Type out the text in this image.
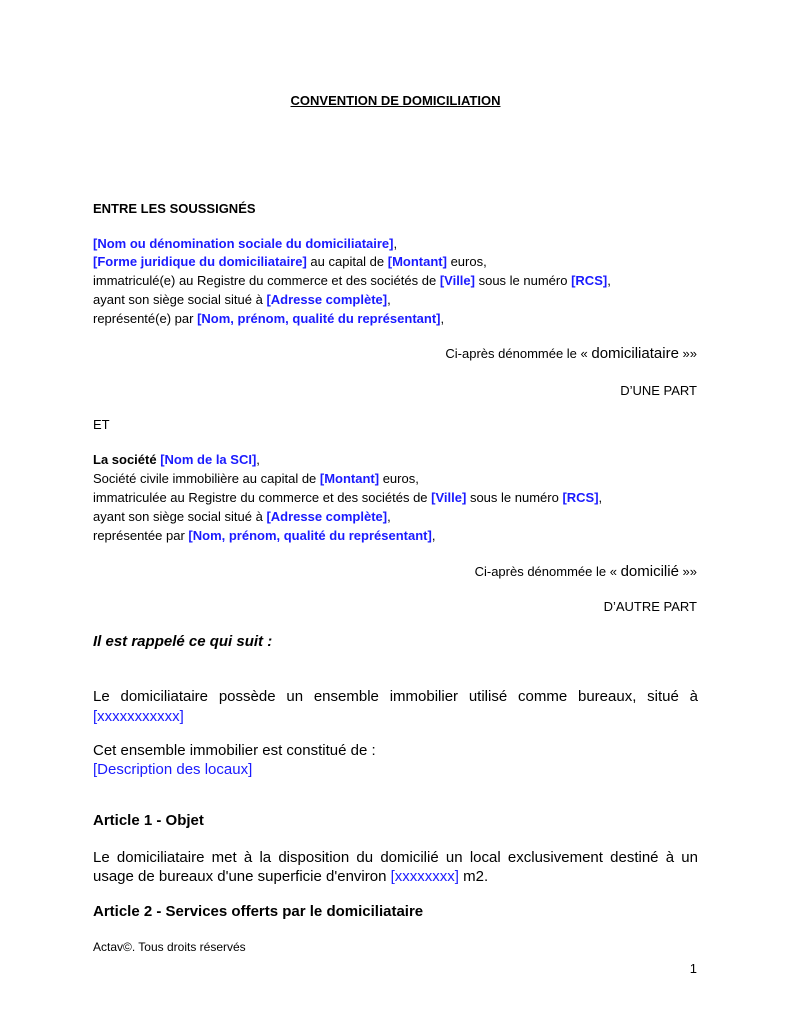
CONVENTION DE DOMICILIATION
ENTRE LES SOUSSIGNÉS
[Nom ou dénomination sociale du domiciliataire],
[Forme juridique du domiciliataire] au capital de [Montant] euros,
immatriculé(e) au Registre du commerce et des sociétés de [Ville] sous le numéro [RCS],
ayant son siège social situé à [Adresse complète],
représenté(e) par [Nom, prénom, qualité du représentant],
Ci-après dénommée le « domiciliataire »»
D’UNE PART
ET
La société [Nom de la SCI],
Société civile immobilière au capital de [Montant] euros,
immatriculée au Registre du commerce et des sociétés de [Ville] sous le numéro [RCS],
ayant son siège social situé à [Adresse complète],
représentée par [Nom, prénom, qualité du représentant],
Ci-après dénommée le « domicilié »»
D’AUTRE PART
Il est rappelé ce qui suit :
Le domiciliataire possède un ensemble immobilier utilisé comme bureaux, situé à
[xxxxxxxxxxx]
Cet ensemble immobilier est constitué de :
[Description des locaux]
Article 1 - Objet
Le domiciliataire met à la disposition du domicilié un local exclusivement destiné à un
usage de bureaux d'une superficie d'environ [xxxxxxxx] m2.
Article 2 - Services offerts par le domiciliataire
Actav©. Tous droits réservés
1
